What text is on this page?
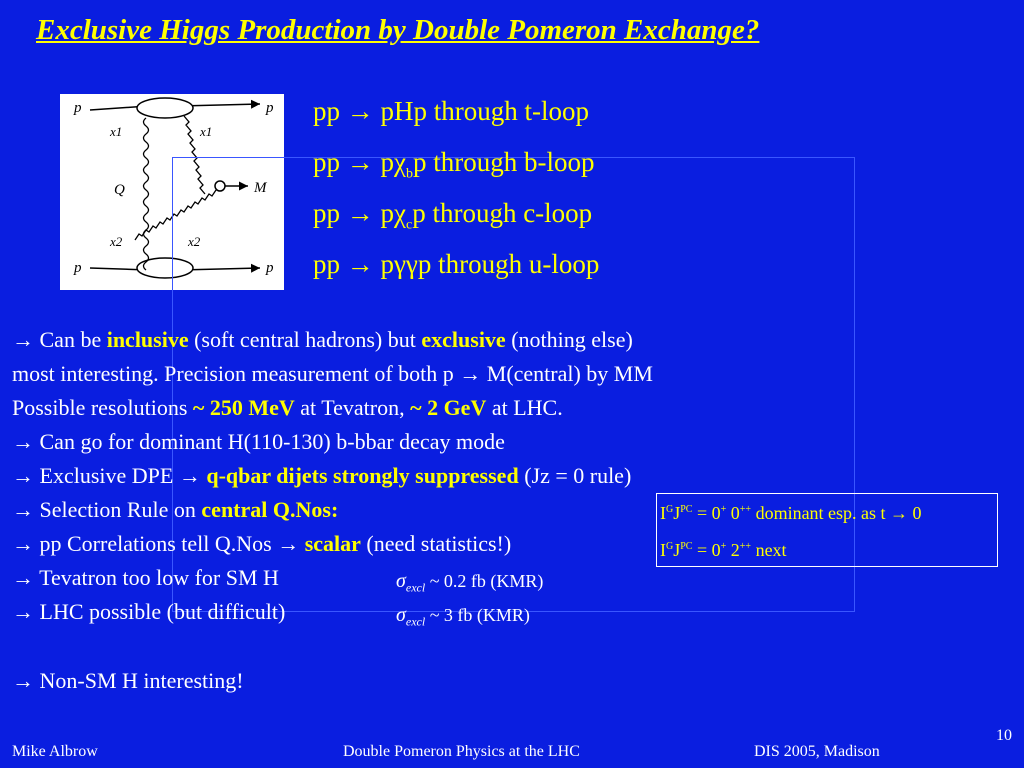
Exclusive Higgs Production by Double Pomeron Exchange?
p	p
p	p
x1	x1
x2	x2
Q	M
pp → pHp through t-loop
pp → $p\chi_bp$ through b-loop
pp → $p\chi_cp$ through c-loop
pp → pγγp through u-loop
→ Can be inclusive (soft central hadrons) but exclusive (nothing else)
most interesting. Precision measurement of both p → M(central) by MM
Possible resolutions ~ 250 MeV at Tevatron, ~ 2 GeV at LHC.
→ Can go for dominant H(110-130) b-bbar decay mode
→ Exclusive DPE → q-qbar dijets strongly suppressed (Jz = 0 rule)
→ Selection Rule on central Q.Nos:
→ pp Correlations tell Q.Nos → scalar (need statistics!)
→ Tevatron too low for SM H
→ LHC possible (but difficult)
→ Non-SM H interesting!
$I^GJ^{PC} = 0^+$ 0++ dominant esp. as t → 0
$I^GJ^{PC} = 0^+$ 2++ next
$\sigma_{excl}$ ~ 0.2 fb (KMR)
$\sigma_{excl}$ ~ 3 fb (KMR)
10
Mike Albrow	Double Pomeron Physics at the LHC	DIS 2005, Madison
